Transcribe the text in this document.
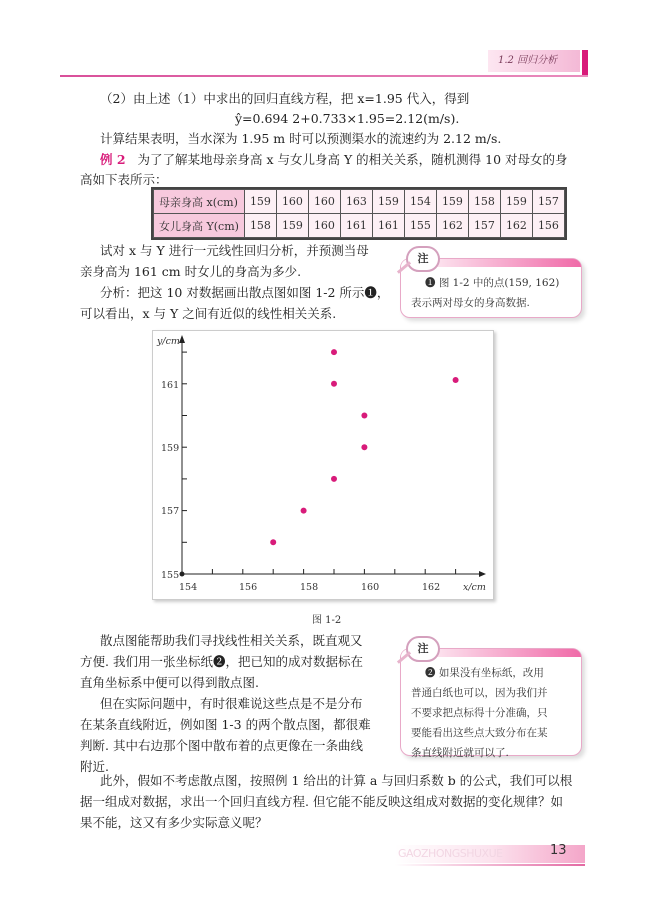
1.2 回归分析
（2）由上述（1）中求出的回归直线方程，把 x=1.95 代入，得到
ŷ=0.694 2+0.733×1.95=2.12(m/s).
计算结果表明，当水深为 1.95 m 时可以预测渠水的流速约为 2.12 m/s.
例 2 为了了解某地母亲身高 x 与女儿身高 Y 的相关关系，随机测得 10 对母女的身
高如下表所示：
母亲身高 x(cm)	159	160	160	163	159	154	159	158	159	157
女儿身高 Y(cm)	158	159	160	161	161	155	162	157	162	156
试对 x 与 Y 进行一元线性回归分析，并预测当母
亲身高为 161 cm 时女儿的身高为多少.
分析：把这 10 对数据画出散点图如图 1-2 所示❶，
可以看出，x 与 Y 之间有近似的线性相关关系.
❶ 图 1-2 中的点(159, 162)
表示两对母女的身高数据.
注
154	156	158	160	162 x/cm
155
157
159
161
y/cm
图 1-2
散点图能帮助我们寻找线性相关关系，既直观又
方便. 我们用一张坐标纸❷，把已知的成对数据标在
直角坐标系中便可以得到散点图.
但在实际问题中，有时很难说这些点是不是分布
在某条直线附近，例如图 1-3 的两个散点图，都很难
判断. 其中右边那个图中散布着的点更像在一条曲线
附近.
此外，假如不考虑散点图，按照例 1 给出的计算 a 与回归系数 b 的公式，我们可以根
据一组成对数据，求出一个回归直线方程. 但它能不能反映这组成对数据的变化规律？如
果不能，这又有多少实际意义呢？
❷ 如果没有坐标纸，改用
普通白纸也可以，因为我们并
不要求把点标得十分准确，只
要能看出这些点大致分布在某
条直线附近就可以了.
注
GAOZHONGSHUXUE	13
